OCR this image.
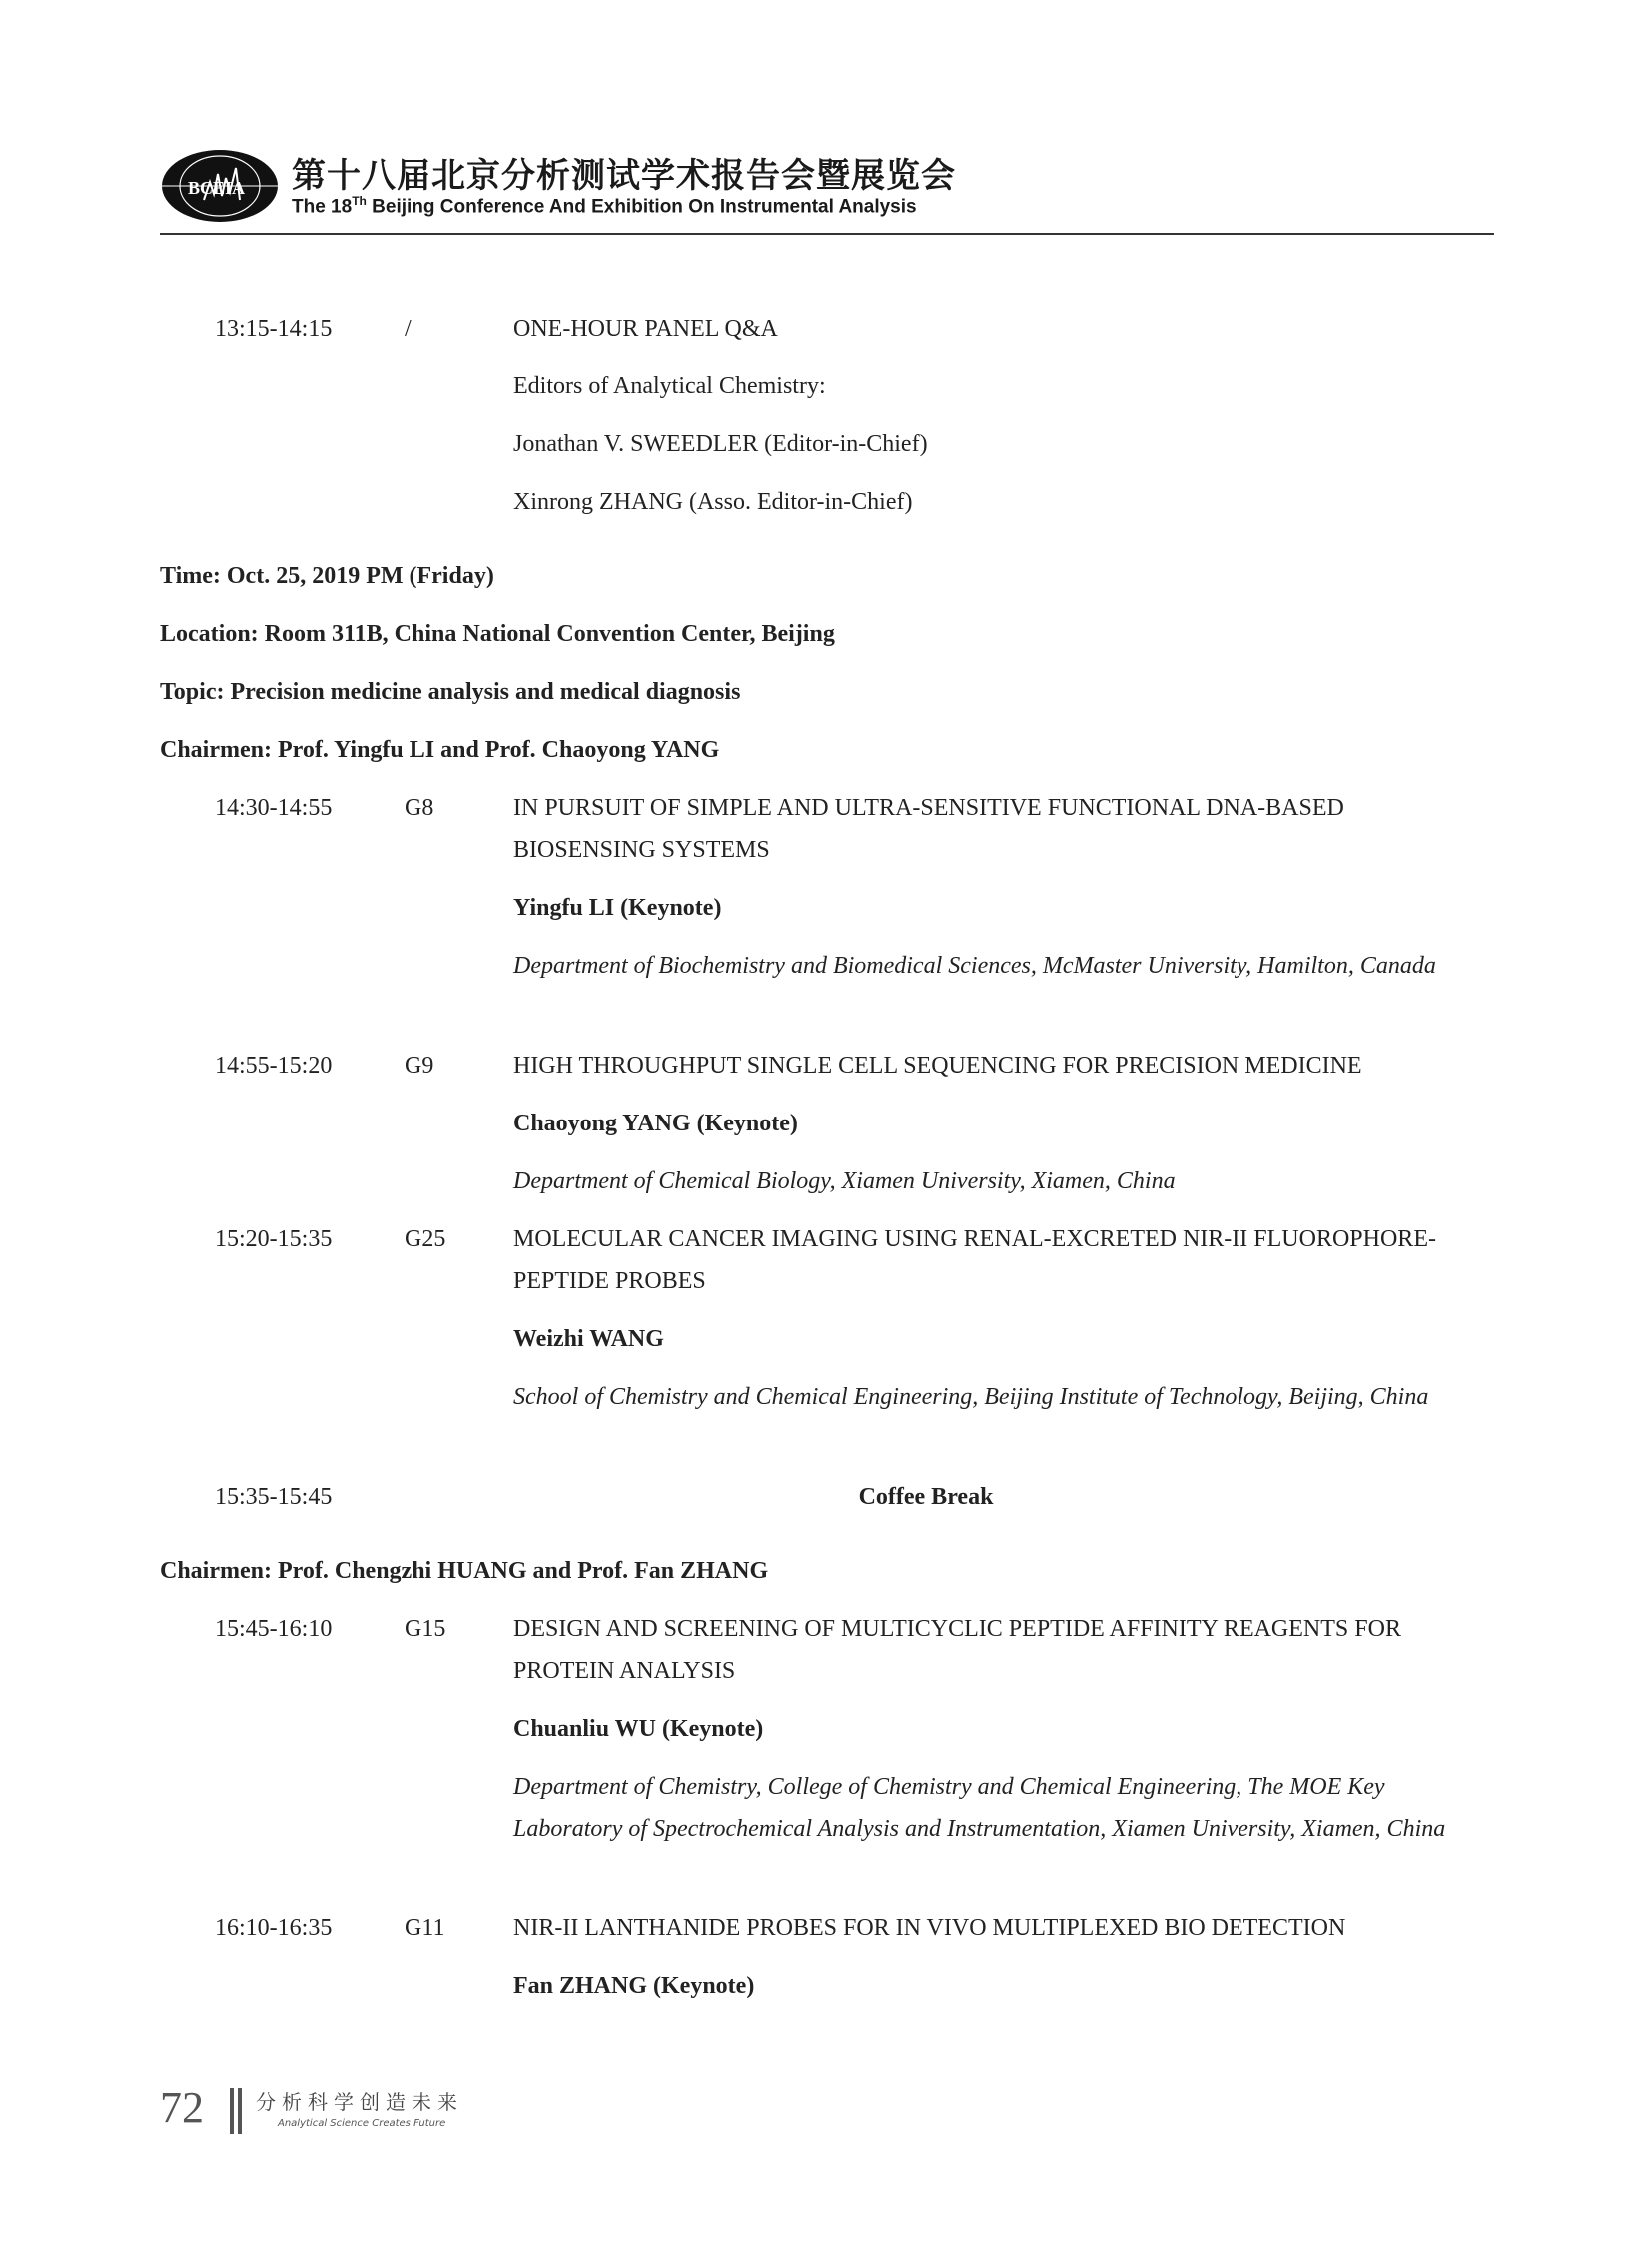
BCEIA 第十八届北京分析测试学术报告会暨展览会
The 18Th Beijing Conference And Exhibition On Instrumental Analysis
13:15-14:15	/	ONE-HOUR PANEL Q&A
Editors of Analytical Chemistry:
Jonathan V. SWEEDLER (Editor-in-Chief)
Xinrong ZHANG (Asso. Editor-in-Chief)
Time: Oct. 25, 2019 PM (Friday)
Location: Room 311B, China National Convention Center, Beijing
Topic: Precision medicine analysis and medical diagnosis
Chairmen: Prof. Yingfu LI and Prof. Chaoyong YANG
14:30-14:55	G8	IN PURSUIT OF SIMPLE AND ULTRA-SENSITIVE FUNCTIONAL DNA-BASED BIOSENSING SYSTEMS
Yingfu LI (Keynote)
Department of Biochemistry and Biomedical Sciences, McMaster University, Hamilton, Canada
14:55-15:20	G9	HIGH THROUGHPUT SINGLE CELL SEQUENCING FOR PRECISION MEDICINE
Chaoyong YANG (Keynote)
Department of Chemical Biology, Xiamen University, Xiamen, China
15:20-15:35	G25	MOLECULAR CANCER IMAGING USING RENAL-EXCRETED NIR-II FLUOROPHORE-PEPTIDE PROBES
Weizhi WANG
School of Chemistry and Chemical Engineering, Beijing Institute of Technology, Beijing, China
15:35-15:45	Coffee Break
Chairmen: Prof. Chengzhi HUANG and Prof. Fan ZHANG
15:45-16:10	G15	DESIGN AND SCREENING OF MULTICYCLIC PEPTIDE AFFINITY REAGENTS FOR PROTEIN ANALYSIS
Chuanliu WU (Keynote)
Department of Chemistry, College of Chemistry and Chemical Engineering, The MOE Key Laboratory of Spectrochemical Analysis and Instrumentation, Xiamen University, Xiamen, China
16:10-16:35	G11	NIR-II LANTHANIDE PROBES FOR IN VIVO MULTIPLEXED BIO DETECTION
Fan ZHANG (Keynote)
72	分析科学创造未来
Analytical Science Creates Future
